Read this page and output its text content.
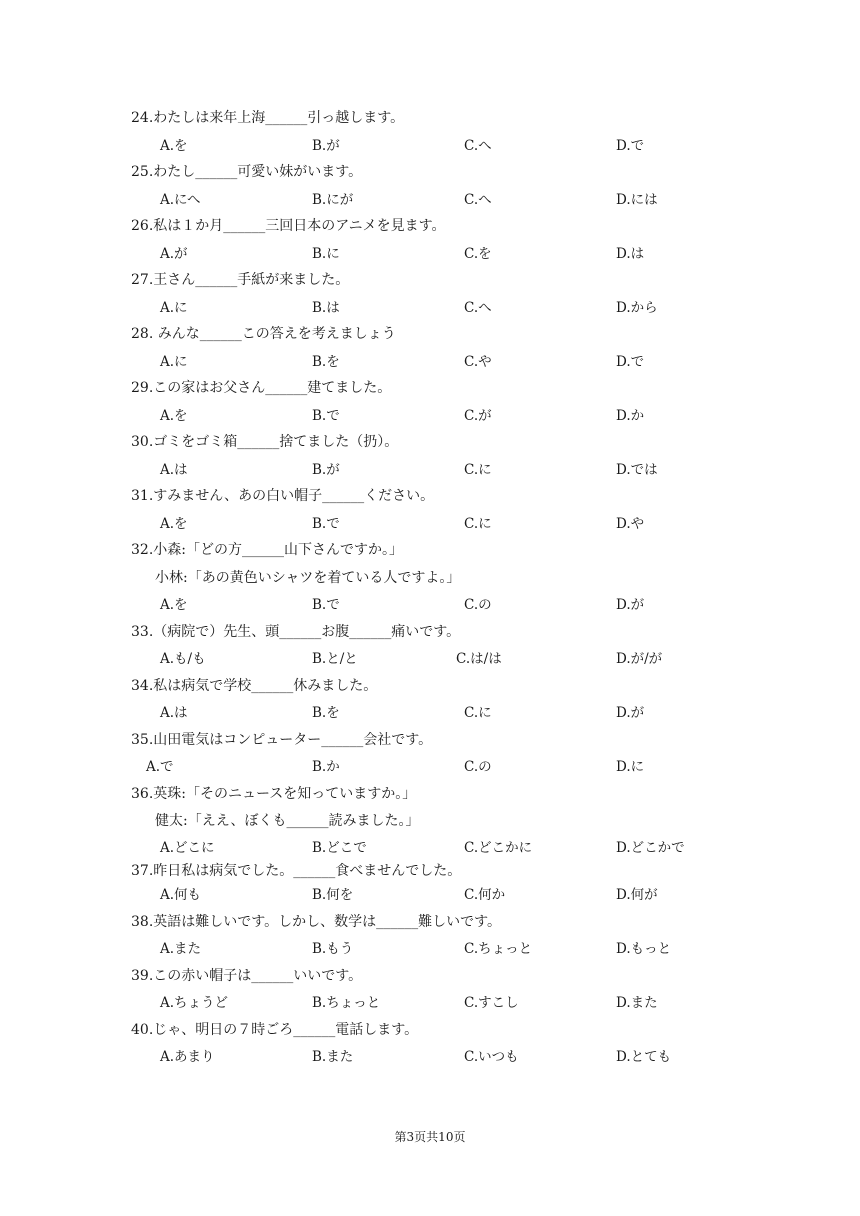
24.わたしは来年上海______引っ越します。
A.を	B.が	C.へ	D.で
25.わたし______可愛い妹がいます。
A.にへ	B.にが	C.へ	D.には
26.私は１か月______三回日本のアニメを見ます。
A.が	B.に	C.を	D.は
27.王さん______手紙が来ました。
A.に	B.は	C.へ	D.から
28. みんな______この答えを考えましょう
A.に	B.を	C.や	D.で
29.この家はお父さん______建てました。
A.を	B.で	C.が	D.か
30.ゴミをゴミ箱______捨てました（扔）。
A.は	B.が	C.に	D.では
31.すみません、あの白い帽子______ください。
A.を	B.で	C.に	D.や
32.小森:「どの方______山下さんですか。」
小林:「あの黄色いシャツを着ている人ですよ。」
A.を	B.で	C.の	D.が
33.（病院で）先生、頭______お腹______痛いです。
A.も/も	B.と/と	C.は/は	D.が/が
34.私は病気で学校______休みました。
A.は	B.を	C.に	D.が
35.山田電気はコンピューター______会社です。
A.で	B.か	C.の	D.に
36.英珠:「そのニュースを知っていますか。」
健太:「ええ、ぼくも______読みました。」
A.どこに	B.どこで	C.どこかに	D.どこかで
37.昨日私は病気でした。______食べませんでした。
A.何も	B.何を	C.何か	D.何が
38.英語は難しいです。しかし、数学は______難しいです。
A.また	B.もう	C.ちょっと	D.もっと
39.この赤い帽子は______いいです。
A.ちょうど	B.ちょっと	C.すこし	D.また
40.じゃ、明日の７時ごろ______電話します。
A.あまり	B.また	C.いつも	D.とても
第3页共10页
